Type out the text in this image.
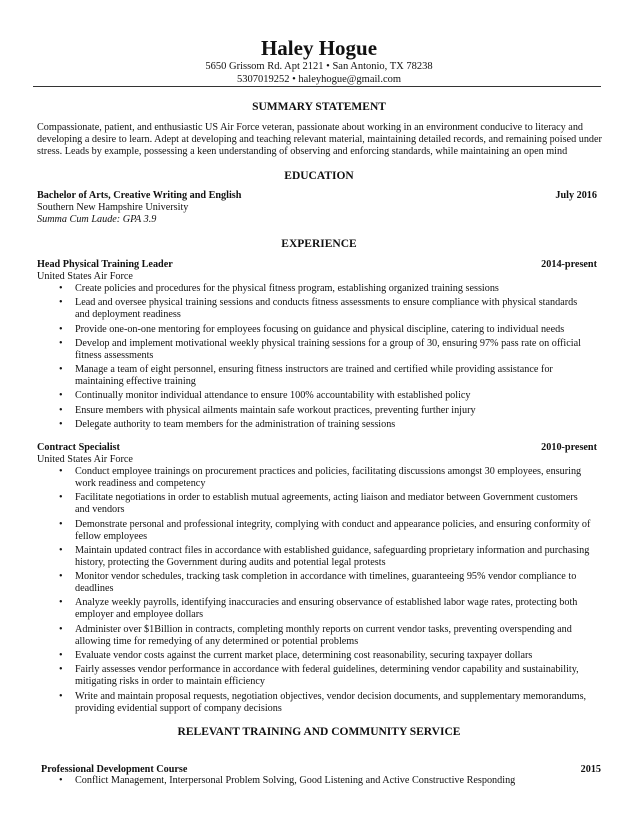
Haley Hogue
5650 Grissom Rd. Apt 2121 • San Antonio, TX 78238
5307019252 • haleyhogue@gmail.com
SUMMARY STATEMENT
Compassionate, patient, and enthusiastic US Air Force veteran, passionate about working in an environment conducive to literacy and developing a desire to learn. Adept at developing and teaching relevant material, maintaining detailed records, and remaining poised under stress. Leads by example, possessing a keen understanding of observing and enforcing standards, while maintaining an open mind
EDUCATION
Bachelor of Arts, Creative Writing and English	July 2016
Southern New Hampshire University
Summa Cum Laude: GPA 3.9
EXPERIENCE
Head Physical Training Leader	2014-present
United States Air Force
• Create policies and procedures for the physical fitness program, establishing organized training sessions
• Lead and oversee physical training sessions and conducts fitness assessments to ensure compliance with physical standards and deployment readiness
• Provide one-on-one mentoring for employees focusing on guidance and physical discipline, catering to individual needs
• Develop and implement motivational weekly physical training sessions for a group of 30, ensuring 97% pass rate on official fitness assessments
• Manage a team of eight personnel, ensuring fitness instructors are trained and certified while providing assistance for maintaining effective training
• Continually monitor individual attendance to ensure 100% accountability with established policy
• Ensure members with physical ailments maintain safe workout practices, preventing further injury
• Delegate authority to team members for the administration of training sessions
Contract Specialist	2010-present
United States Air Force
• Conduct employee trainings on procurement practices and policies, facilitating discussions amongst 30 employees, ensuring work readiness and competency
• Facilitate negotiations in order to establish mutual agreements, acting liaison and mediator between Government customers and vendors
• Demonstrate personal and professional integrity, complying with conduct and appearance policies, and ensuring conformity of fellow employees
• Maintain updated contract files in accordance with established guidance, safeguarding proprietary information and purchasing history, protecting the Government during audits and potential legal protests
• Monitor vendor schedules, tracking task completion in accordance with timelines, guaranteeing 95% vendor compliance to deadlines
• Analyze weekly payrolls, identifying inaccuracies and ensuring observance of established labor wage rates, protecting both employer and employee dollars
• Administer over $1Billion in contracts, completing monthly reports on current vendor tasks, preventing overspending and allowing time for remedying of any determined or potential problems
• Evaluate vendor costs against the current market place, determining cost reasonability, securing taxpayer dollars
• Fairly assesses vendor performance in accordance with federal guidelines, determining vendor capability and sustainability, mitigating risks in order to maintain efficiency
• Write and maintain proposal requests, negotiation objectives, vendor decision documents, and supplementary memorandums, providing evidential support of company decisions
RELEVANT TRAINING AND COMMUNITY SERVICE
Professional Development Course	2015
• Conflict Management, Interpersonal Problem Solving, Good Listening and Active Constructive Responding
